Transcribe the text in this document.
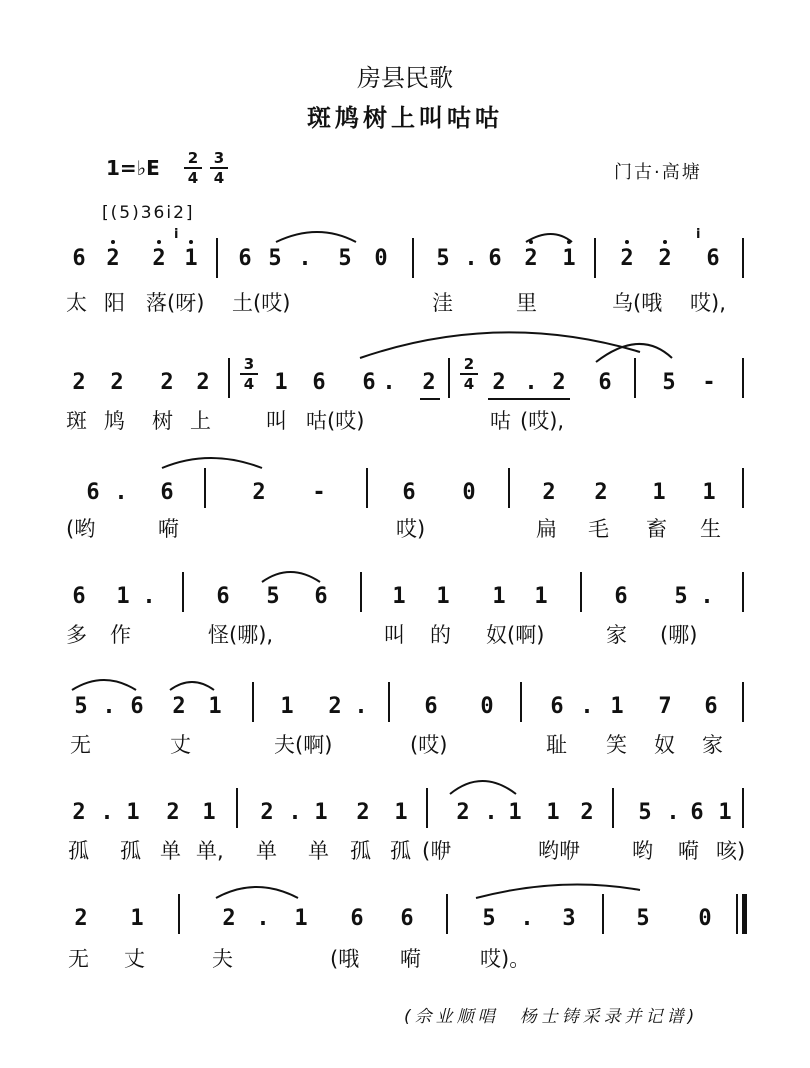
房县民歌
斑鸠树上叫咕咕
1=♭E 2
4
3
4	门古·高塘
[(5)36i2]
6 2 2 1 6 5 . 5 0 5 . 6 2 1 2 2 6
i	i
2 2 2 2
3
4 1 6 6 . 2
2
4 2 . 2 6 5 -
6 . 6	2 -	6 0	2 2 1 1
6 1 .	6 5 6	1 1 1 1	6 5 .
5 . 6 2 1	1 2 .	6 0	6 . 1 7 6
2 . 1 2 1 2 . 1 2 1 2 . 1 1 2 5 . 6 1
2 1	2 . 1 6 6	5 . 3	5 0
太 阳 落(呀) 土(哎)	洼	里	乌(哦 哎),
斑 鸠 树 上	叫 咕(哎)	咕 (哎),
(哟	嗬	哎)	扁 毛 畜 生
多 作	怪(哪),	叫 的 奴(啊)	家 (哪)
无	丈	夫(啊)	(哎)	耻 笑 奴 家
孤 孤 单 单, 单 单 孤 孤 (咿	哟咿 哟 嗬 咳)
无 丈	夫	(哦 嗬	哎)。
(佘业顺唱　杨士铸采录并记谱)
